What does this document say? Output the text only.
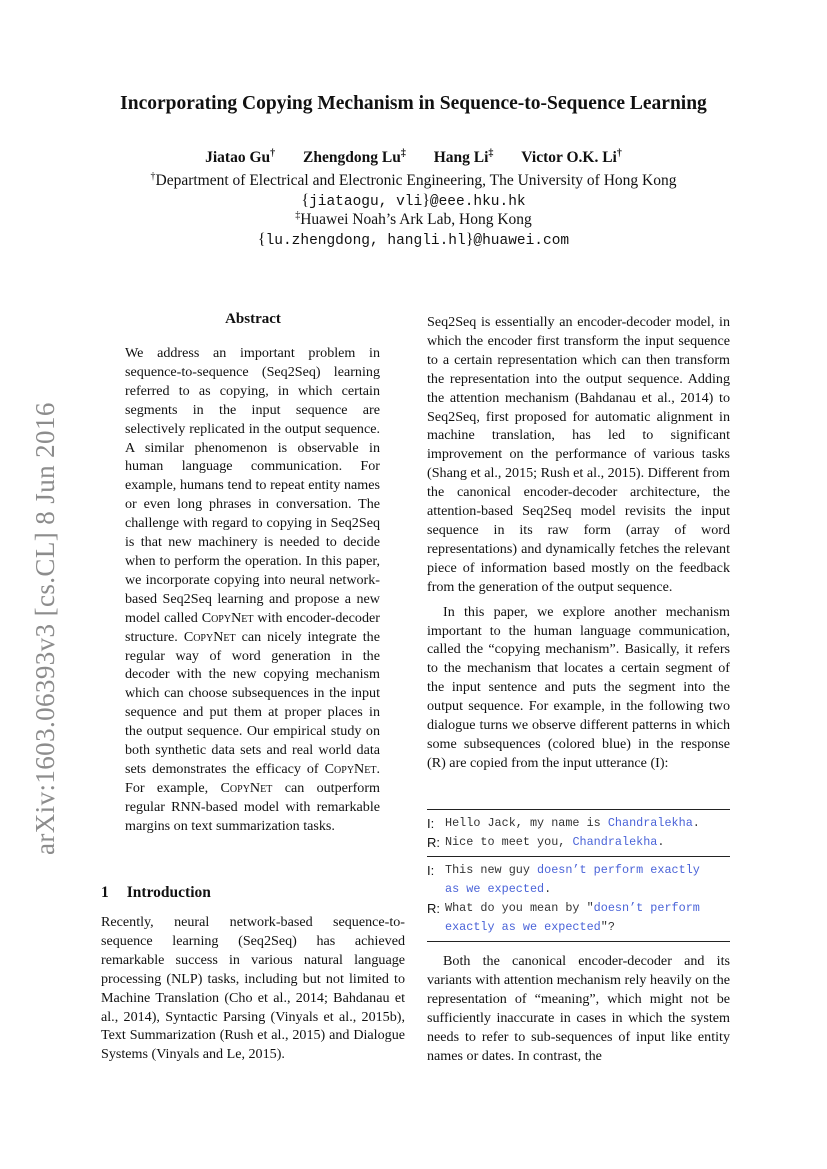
arXiv:1603.06393v3 [cs.CL] 8 Jun 2016
Incorporating Copying Mechanism in Sequence-to-Sequence Learning
Jiatao Gu† Zhengdong Lu‡ Hang Li‡ Victor O.K. Li†
†Department of Electrical and Electronic Engineering, The University of Hong Kong
{jiataogu, vli}@eee.hku.hk
‡Huawei Noah’s Ark Lab, Hong Kong
{lu.zhengdong, hangli.hl}@huawei.com
Abstract

We address an important problem in sequence-to-sequence (Seq2Seq) learning referred to as copying, in which certain segments in the input sequence are selectively replicated in the output sequence. A similar phenomenon is observable in human language communication. For example, humans tend to repeat entity names or even long phrases in conversation. The challenge with regard to copying in Seq2Seq is that new machinery is needed to decide when to perform the operation. In this paper, we incorporate copying into neural network-based Seq2Seq learning and propose a new model called CopyNet with encoder-decoder structure. CopyNet can nicely integrate the regular way of word generation in the decoder with the new copying mechanism which can choose subsequences in the input sequence and put them at proper places in the output sequence. Our empirical study on both synthetic data sets and real world data sets demonstrates the efficacy of CopyNet. For example, CopyNet can outperform regular RNN-based model with remarkable margins on text summarization tasks.

1 Introduction

Recently, neural network-based sequence-to-sequence learning (Seq2Seq) has achieved remarkable success in various natural language processing (NLP) tasks, including but not limited to Machine Translation (Cho et al., 2014; Bahdanau et al., 2014), Syntactic Parsing (Vinyals et al., 2015b), Text Summarization (Rush et al., 2015) and Dialogue Systems (Vinyals and Le, 2015).

Seq2Seq is essentially an encoder-decoder model, in which the encoder first transform the input sequence to a certain representation which can then transform the representation into the output sequence. Adding the attention mechanism (Bahdanau et al., 2014) to Seq2Seq, first proposed for automatic alignment in machine translation, has led to significant improvement on the performance of various tasks (Shang et al., 2015; Rush et al., 2015). Different from the canonical encoder-decoder architecture, the attention-based Seq2Seq model revisits the input sequence in its raw form (array of word representations) and dynamically fetches the relevant piece of information based mostly on the feedback from the generation of the output sequence.

In this paper, we explore another mechanism important to the human language communication, called the “copying mechanism”. Basically, it refers to the mechanism that locates a certain segment of the input sentence and puts the segment into the output sequence. For example, in the following two dialogue turns we observe different patterns in which some subsequences (colored blue) in the response (R) are copied from the input utterance (I):

I: Hello Jack, my name is Chandralekha.
R: Nice to meet you, Chandralekha.
I: This new guy doesn’t perform exactly
as we expected.
R: What do you mean by "doesn’t perform
exactly as we expected"?

Both the canonical encoder-decoder and its variants with attention mechanism rely heavily on the representation of “meaning”, which might not be sufficiently inaccurate in cases in which the system needs to refer to sub-sequences of input like entity names or dates. In contrast, the
